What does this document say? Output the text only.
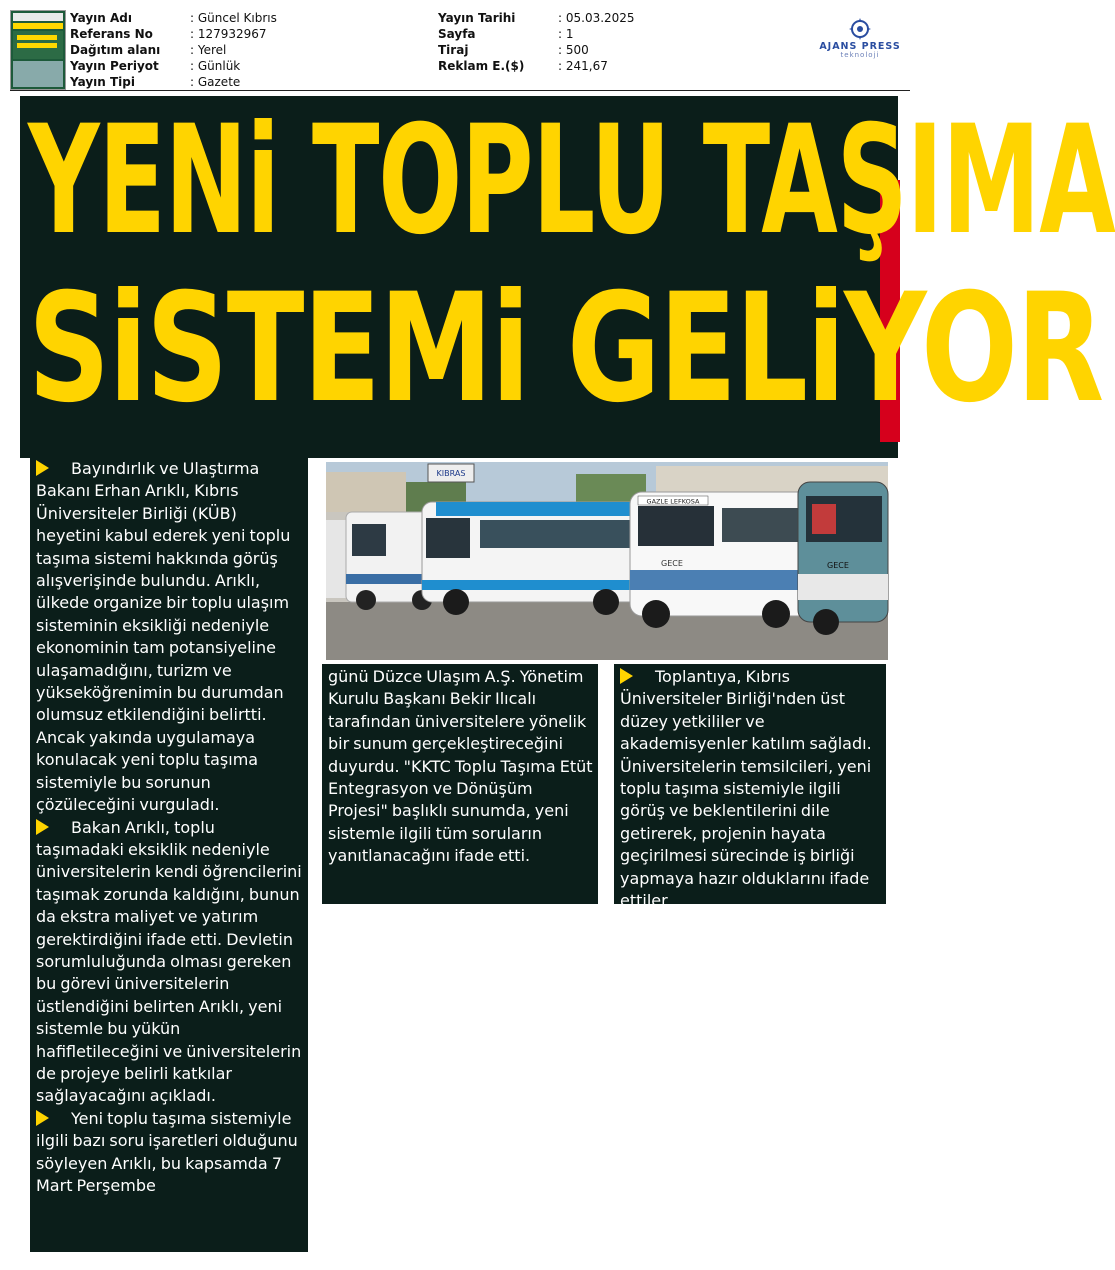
Yayın Adı	: Güncel Kıbrıs
Referans No	: 127932967
Dağıtım alanı : Yerel
Yayın Periyot	: Günlük
Yayın Tipi	: Gazete
Yayın Tarihi	: 05.03.2025
Sayfa	: 1
Tiraj	: 500
Reklam E.($)	: 241,67
AJANS PRESS
teknoloji
YENi TOPLU TAŞIMA
SiSTEMi GELiYOR

Bayındırlık ve Ulaştırma Bakanı Erhan Arıklı, Kıbrıs Üniversiteler Birliği (KÜB) heyetini kabul ederek yeni toplu taşıma sistemi hakkında görüş alışverişinde bulundu. Arıklı, ülkede organize bir toplu ulaşım sisteminin eksikliği nedeniyle ekonominin tam potansiyeline ulaşamadığını, turizm ve yükseköğrenimin bu durumdan olumsuz etkilendiğini belirtti. Ancak yakında uygulamaya konulacak yeni toplu taşıma sistemiyle bu sorunun çözüleceğini vurguladı.

Bakan Arıklı, toplu taşımadaki eksiklik nedeniyle üniversitelerin kendi öğrencilerini taşımak zorunda kaldığını, bunun da ekstra maliyet ve yatırım gerektirdiğini ifade etti. Devletin sorumluluğunda olması gereken bu görevi üniversitelerin üstlendiğini belirten Arıklı, yeni sistemle bu yükün hafifletileceğini ve üniversitelerin de projeye belirli katkılar sağlayacağını açıkladı.

Yeni toplu taşıma sistemiyle ilgili bazı soru işaretleri olduğunu söyleyen Arıklı, bu kapsamda 7 Mart Perşembe

KIBRAS
GAZLE LEFKOSA
GECE	GECE

günü Düzce Ulaşım A.Ş. Yönetim Kurulu Başkanı Bekir Ilıcalı tarafından üniversitelere yönelik bir sunum gerçekleştireceğini duyurdu. "KKTC Toplu Taşıma Etüt Entegrasyon ve Dönüşüm Projesi" başlıklı sunumda, yeni sistemle ilgili tüm soruların yanıtlanacağını ifade etti.

Toplantıya, Kıbrıs Üniversiteler Birliği'nden üst düzey yetkililer ve akademisyenler katılım sağladı. Üniversitelerin temsilcileri, yeni toplu taşıma sistemiyle ilgili görüş ve beklentilerini dile getirerek, projenin hayata geçirilmesi sürecinde iş birliği yapmaya hazır olduklarını ifade ettiler.
